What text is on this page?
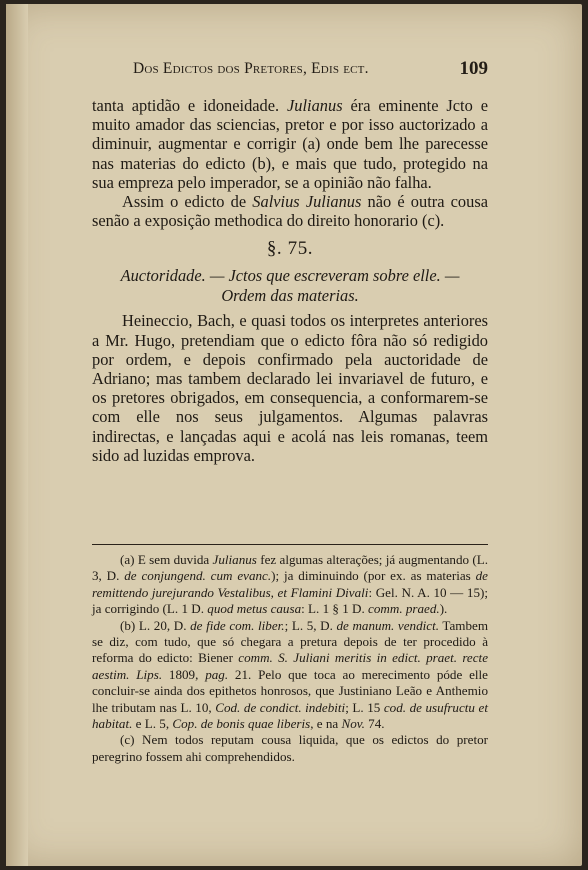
Dos Edictos dos Pretores, Edis ect.	109

tanta aptidão e idoneidade. Julianus éra eminente Jcto e muito amador das sciencias, pretor e por isso auctorizado a diminuir, augmentar e corrigir (a) onde bem lhe parecesse nas materias do edicto (b), e mais que tudo, protegido na sua empreza pelo imperador, se a opinião não falha.

Assim o edicto de Salvius Julianus não é outra cousa senão a exposição methodica do direito honorario (c).

§. 75.
Auctoridade. — Jctos que escreveram sobre elle. —
Ordem das materias.

Heineccio, Bach, e quasi todos os interpretes anteriores a Mr. Hugo, pretendiam que o edicto fôra não só redigido por ordem, e depois confirmado pela auctoridade de Adriano; mas tambem declarado lei invariavel de futuro, e os pretores obrigados, em consequencia, a conformarem-se com elle nos seus julgamentos. Algumas palavras indirectas, e lançadas aqui e acolá nas leis romanas, teem sido ad luzidas emprova.

(a) E sem duvida Julianus fez algumas alterações; já augmentando (L. 3, D. de conjungend. cum evanc.); ja diminuindo (por ex. as materias de remittendo jurejurando Vestalibus, et Flamini Divali: Gel. N. A. 10 — 15); ja corrigindo (L. 1 D. quod metus causa: L. 1 § 1 D. comm. praed.).

(b) L. 20, D. de fide com. liber.; L. 5, D. de manum. vendict. Tambem se diz, com tudo, que só chegara a pretura depois de ter procedido à reforma do edicto: Biener comm. S. Juliani meritis in edict. praet. recte aestim. Lips. 1809, pag. 21. Pelo que toca ao merecimento póde elle concluir-se ainda dos epithetos honrosos, que Justiniano Leão e Anthemio lhe tributam nas L. 10, Cod. de condict. indebiti; L. 15 cod. de usufructu et habitat. e L. 5, Cop. de bonis quae liberis, e na Nov. 74.

(c) Nem todos reputam cousa liquida, que os edictos do pretor peregrino fossem ahi comprehendidos.
